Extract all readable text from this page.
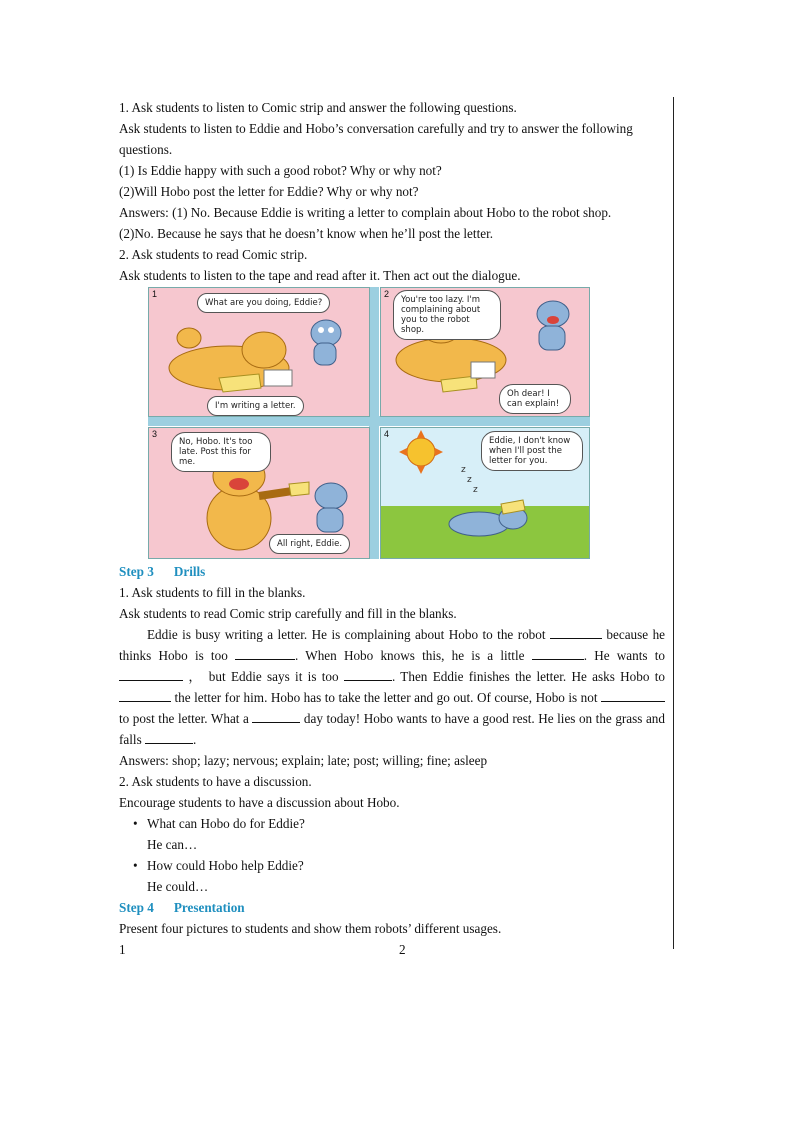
1. Ask students to listen to Comic strip and answer the following questions.
Ask students to listen to Eddie and Hobo’s conversation carefully and try to answer the following
questions.
(1) Is Eddie happy with such a good robot? Why or why not?
(2)Will Hobo post the letter for Eddie? Why or why not?
Answers: (1) No. Because Eddie is writing a letter to complain about Hobo to the robot shop.
(2)No. Because he says that he doesn’t know when he’ll post the letter.
2. Ask students to read Comic strip.
Ask students to listen to the tape and read after it. Then act out the dialogue.
1
What are you doing, Eddie?
I'm writing a letter.
2
You're too lazy. I'm complaining about you to the robot shop.
Oh dear! I can explain!
3
No, Hobo. It's too late. Post this for me.
All right, Eddie.
z
z
z
4
Eddie, I don't know when I'll post the letter for you.
Step 3 Drills
1. Ask students to fill in the blanks.
Ask students to read Comic strip carefully and fill in the blanks.
Eddie is busy writing a letter. He is complaining about Hobo to the robot	because he thinks Hobo is too	. When Hobo knows this, he is a little	. He wants to  ， but Eddie says it is too	. Then Eddie finishes the letter. He asks Hobo to  the letter for him. Hobo has to take the letter and go out. Of course, Hobo is not  to post the letter. What a	day today! Hobo wants to have a good rest. He lies on the grass and falls	.
Answers: shop; lazy; nervous; explain; late; post; willing; fine; asleep
2. Ask students to have a discussion.
Encourage students to have a discussion about Hobo.
• What can Hobo do for Eddie?
He can…
• How could Hobo help Eddie?
He could…
Step 4 Presentation
Present four pictures to students and show them robots’ different usages.
1	2
